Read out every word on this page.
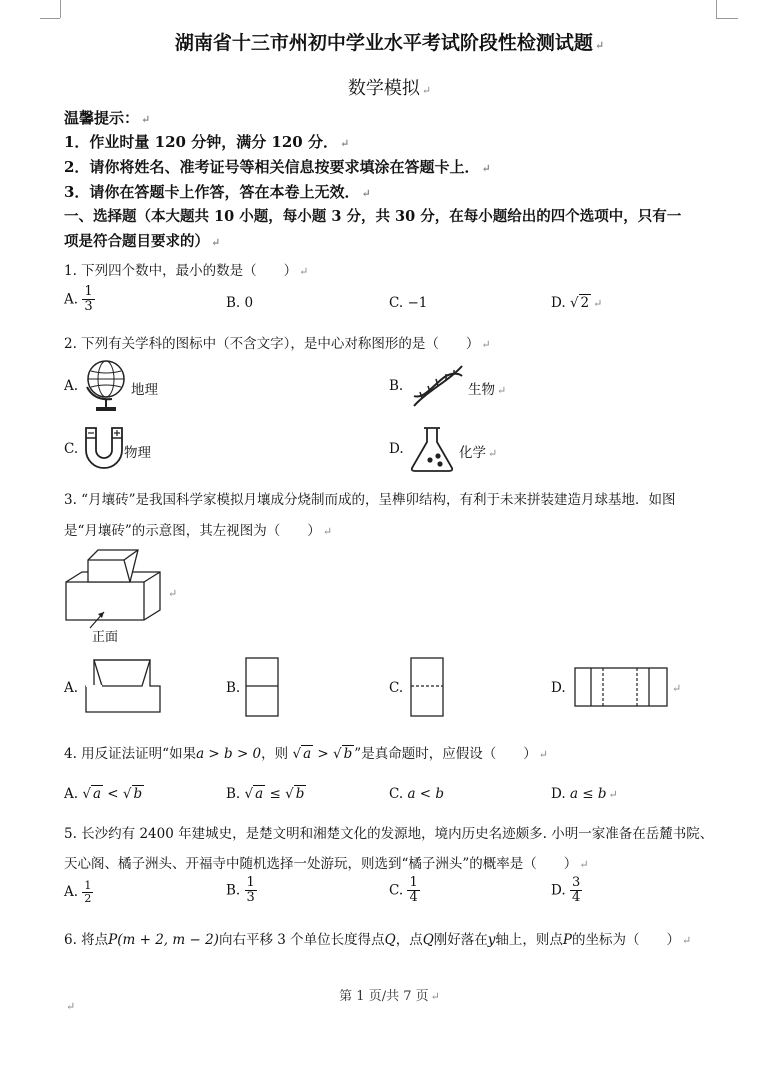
湖南省十三市州初中学业水平考试阶段性检测试题 ↵
数学模拟 ↵
温馨提示： ↵
1．作业时量 120 分钟，满分 120 分． ↵
2．请你将姓名、准考证号等相关信息按要求填涂在答题卡上． ↵
3．请你在答题卡上作答，答在本卷上无效． ↵
一、选择题（本大题共 10 小题，每小题 3 分，共 30 分，在每小题给出的四个选项中，只有一
项是符合题目要求的） ↵
1. 下列四个数中，最小的数是（　　） ↵
A. $\frac{1}{3}$	B. 0	C. −1	D. √ 2 ↵
2. 下列有关学科的图标中（不含文字），是中心对称图形的是（　　） ↵
A.	地理	B.	生物 ↵
C.	物理	D.	化学 ↵
3. “月壤砖”是我国科学家模拟月壤成分烧制而成的，呈榫卯结构，有利于未来拼装建造月球基地．如图
是“月壤砖”的示意图，其左视图为（　　） ↵
↵
正面
A.	B.	C.	D.	↵
4. 用反证法证明“如果a > b > 0，则 √ a > √ b ”是真命题时，应假设（　　） ↵
A. √ a < √ b	B. √ a ≤ √ b	C. a < b	D. a ≤ b ↵
5. 长沙约有 2400 年建城史，是楚文明和湘楚文化的发源地，境内历史名迹颇多. 小明一家准备在岳麓书院、
天心阁、橘子洲头、开福寺中随机选择一处游玩，则选到“橘子洲头”的概率是（　　） ↵
A. $\frac{1}{2}$	B. $\frac{1}{3}$	C. $\frac{1}{4}$	D. $\frac{3}{4}$
6. 将点P(m + 2, m − 2)向右平移 3 个单位长度得点Q，点Q刚好落在y轴上，则点P的坐标为（　　） ↵
第 1 页/共 7 页 ↵
↵
